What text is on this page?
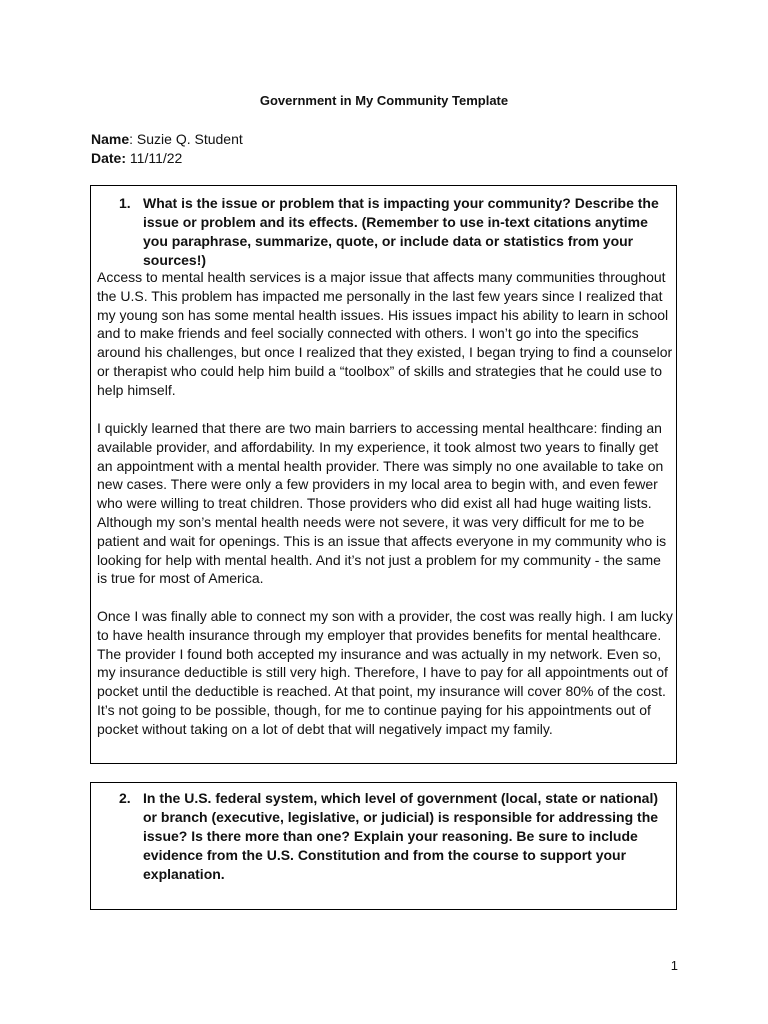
Government in My Community Template
Name: Suzie Q. Student
Date: 11/11/22
1. What is the issue or problem that is impacting your community? Describe the issue or problem and its effects. (Remember to use in-text citations anytime you paraphrase, summarize, quote, or include data or statistics from your sources!)

Access to mental health services is a major issue that affects many communities throughout the U.S. This problem has impacted me personally in the last few years since I realized that my young son has some mental health issues. His issues impact his ability to learn in school and to make friends and feel socially connected with others. I won’t go into the specifics around his challenges, but once I realized that they existed, I began trying to find a counselor or therapist who could help him build a “toolbox” of skills and strategies that he could use to help himself.

I quickly learned that there are two main barriers to accessing mental healthcare: finding an available provider, and affordability. In my experience, it took almost two years to finally get an appointment with a mental health provider. There was simply no one available to take on new cases. There were only a few providers in my local area to begin with, and even fewer who were willing to treat children. Those providers who did exist all had huge waiting lists. Although my son’s mental health needs were not severe, it was very difficult for me to be patient and wait for openings. This is an issue that affects everyone in my community who is looking for help with mental health. And it’s not just a problem for my community - the same is true for most of America.

Once I was finally able to connect my son with a provider, the cost was really high. I am lucky to have health insurance through my employer that provides benefits for mental healthcare. The provider I found both accepted my insurance and was actually in my network. Even so, my insurance deductible is still very high. Therefore, I have to pay for all appointments out of pocket until the deductible is reached. At that point, my insurance will cover 80% of the cost. It’s not going to be possible, though, for me to continue paying for his appointments out of pocket without taking on a lot of debt that will negatively impact my family.

2. In the U.S. federal system, which level of government (local, state or national) or branch (executive, legislative, or judicial) is responsible for addressing the issue? Is there more than one? Explain your reasoning. Be sure to include evidence from the U.S. Constitution and from the course to support your explanation.
1
